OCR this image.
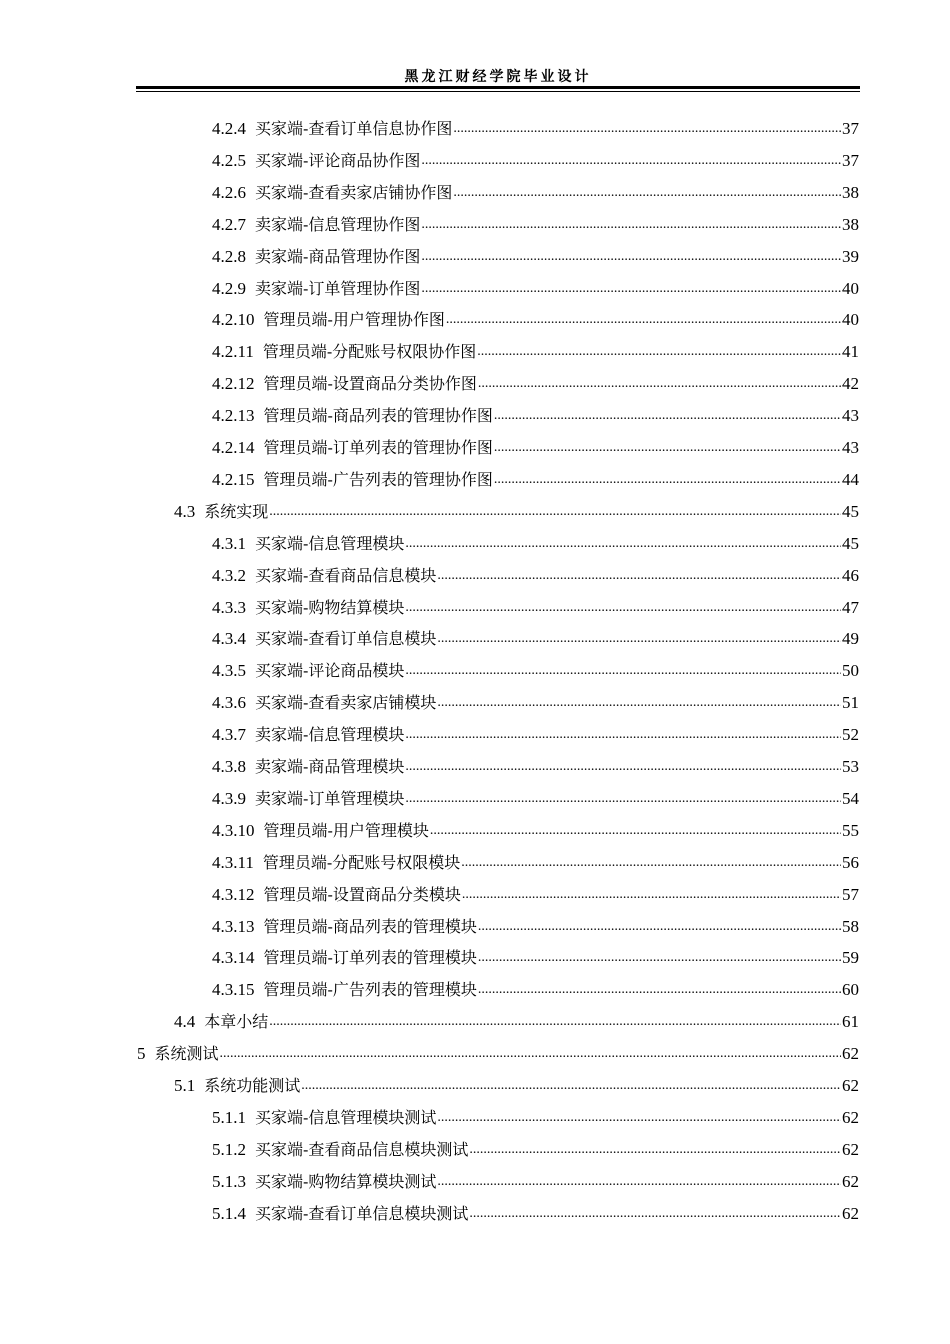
黑龙江财经学院毕业设计
4.2.4 买家端-查看订单信息协作图 .....	37
4.2.5 买家端-评论商品协作图 .....	37
4.2.6 买家端-查看卖家店铺协作图 .....	38
4.2.7 卖家端-信息管理协作图 .....	38
4.2.8 卖家端-商品管理协作图 .....	39
4.2.9 卖家端-订单管理协作图 .....	40
4.2.10 管理员端-用户管理协作图 .....	40
4.2.11 管理员端-分配账号权限协作图 .....	41
4.2.12 管理员端-设置商品分类协作图 .....	42
4.2.13 管理员端-商品列表的管理协作图 .....	43
4.2.14 管理员端-订单列表的管理协作图 .....	43
4.2.15 管理员端-广告列表的管理协作图 .....	44
4.3 系统实现 .....	45
4.3.1 买家端-信息管理模块 .....	45
4.3.2 买家端-查看商品信息模块 .....	46
4.3.3 买家端-购物结算模块 .....	47
4.3.4 买家端-查看订单信息模块 .....	49
4.3.5 买家端-评论商品模块 .....	50
4.3.6 买家端-查看卖家店铺模块 .....	51
4.3.7 卖家端-信息管理模块 .....	52
4.3.8 卖家端-商品管理模块 .....	53
4.3.9 卖家端-订单管理模块 .....	54
4.3.10 管理员端-用户管理模块 .....	55
4.3.11 管理员端-分配账号权限模块 .....	56
4.3.12 管理员端-设置商品分类模块 .....	57
4.3.13 管理员端-商品列表的管理模块 .....	58
4.3.14 管理员端-订单列表的管理模块 .....	59
4.3.15 管理员端-广告列表的管理模块 .....	60
4.4 本章小结 .....	61
5 系统测试 .....	62
5.1 系统功能测试 .....	62
5.1.1 买家端-信息管理模块测试 .....	62
5.1.2 买家端-查看商品信息模块测试 .....	62
5.1.3 买家端-购物结算模块测试 .....	62
5.1.4 买家端-查看订单信息模块测试 .....	62
